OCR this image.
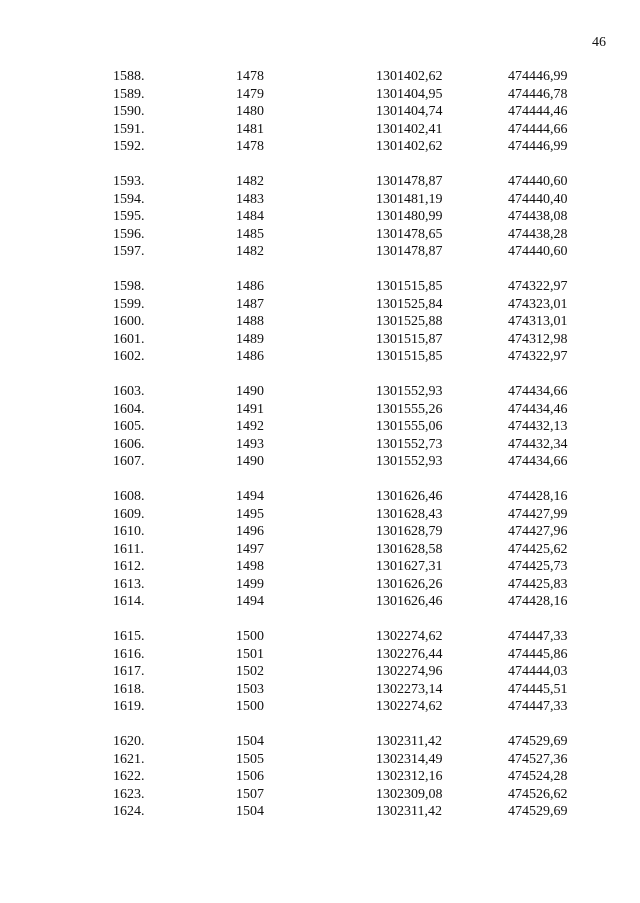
46
1588.	1478	1301402,62	474446,99
1589.	1479	1301404,95	474446,78
1590.	1480	1301404,74	474444,46
1591.	1481	1301402,41	474444,66
1592.	1478	1301402,62	474446,99
1593.	1482	1301478,87	474440,60
1594.	1483	1301481,19	474440,40
1595.	1484	1301480,99	474438,08
1596.	1485	1301478,65	474438,28
1597.	1482	1301478,87	474440,60
1598.	1486	1301515,85	474322,97
1599.	1487	1301525,84	474323,01
1600.	1488	1301525,88	474313,01
1601.	1489	1301515,87	474312,98
1602.	1486	1301515,85	474322,97
1603.	1490	1301552,93	474434,66
1604.	1491	1301555,26	474434,46
1605.	1492	1301555,06	474432,13
1606.	1493	1301552,73	474432,34
1607.	1490	1301552,93	474434,66
1608.	1494	1301626,46	474428,16
1609.	1495	1301628,43	474427,99
1610.	1496	1301628,79	474427,96
1611.	1497	1301628,58	474425,62
1612.	1498	1301627,31	474425,73
1613.	1499	1301626,26	474425,83
1614.	1494	1301626,46	474428,16
1615.	1500	1302274,62	474447,33
1616.	1501	1302276,44	474445,86
1617.	1502	1302274,96	474444,03
1618.	1503	1302273,14	474445,51
1619.	1500	1302274,62	474447,33
1620.	1504	1302311,42	474529,69
1621.	1505	1302314,49	474527,36
1622.	1506	1302312,16	474524,28
1623.	1507	1302309,08	474526,62
1624.	1504	1302311,42	474529,69
